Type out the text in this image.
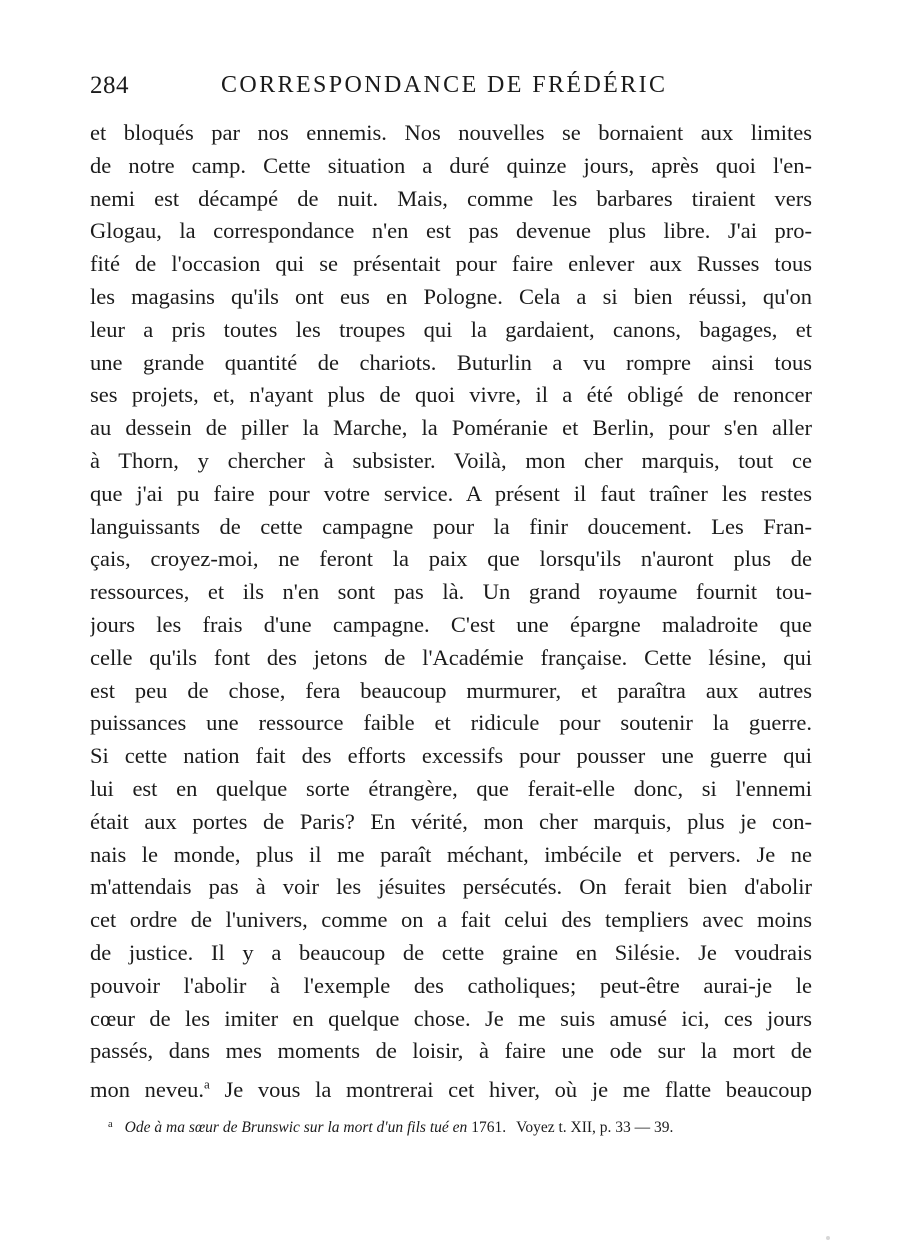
284	CORRESPONDANCE DE FRÉDÉRIC
et bloqués par nos ennemis. Nos nouvelles se bornaient aux limites
de notre camp. Cette situation a duré quinze jours, après quoi l'en-
nemi est décampé de nuit. Mais, comme les barbares tiraient vers
Glogau, la correspondance n'en est pas devenue plus libre. J'ai pro-
fité de l'occasion qui se présentait pour faire enlever aux Russes tous
les magasins qu'ils ont eus en Pologne. Cela a si bien réussi, qu'on
leur a pris toutes les troupes qui la gardaient, canons, bagages, et
une grande quantité de chariots. Buturlin a vu rompre ainsi tous
ses projets, et, n'ayant plus de quoi vivre, il a été obligé de renoncer
au dessein de piller la Marche, la Poméranie et Berlin, pour s'en aller
à Thorn, y chercher à subsister. Voilà, mon cher marquis, tout ce
que j'ai pu faire pour votre service. A présent il faut traîner les restes
languissants de cette campagne pour la finir doucement. Les Fran-
çais, croyez-moi, ne feront la paix que lorsqu'ils n'auront plus de
ressources, et ils n'en sont pas là. Un grand royaume fournit tou-
jours les frais d'une campagne. C'est une épargne maladroite que
celle qu'ils font des jetons de l'Académie française. Cette lésine, qui
est peu de chose, fera beaucoup murmurer, et paraîtra aux autres
puissances une ressource faible et ridicule pour soutenir la guerre.
Si cette nation fait des efforts excessifs pour pousser une guerre qui
lui est en quelque sorte étrangère, que ferait-elle donc, si l'ennemi
était aux portes de Paris? En vérité, mon cher marquis, plus je con-
nais le monde, plus il me paraît méchant, imbécile et pervers. Je ne
m'attendais pas à voir les jésuites persécutés. On ferait bien d'abolir
cet ordre de l'univers, comme on a fait celui des templiers avec moins
de justice. Il y a beaucoup de cette graine en Silésie. Je voudrais
pouvoir l'abolir à l'exemple des catholiques; peut-être aurai-je le
cœur de les imiter en quelque chose. Je me suis amusé ici, ces jours
passés, dans mes moments de loisir, à faire une ode sur la mort de
mon neveu.$^a$ Je vous la montrerai cet hiver, où je me flatte beaucoup
$^a$ Ode à ma sœur de Brunswic sur la mort d'un fils tué en 1761. Voyez t. XII, p. 33 — 39.
